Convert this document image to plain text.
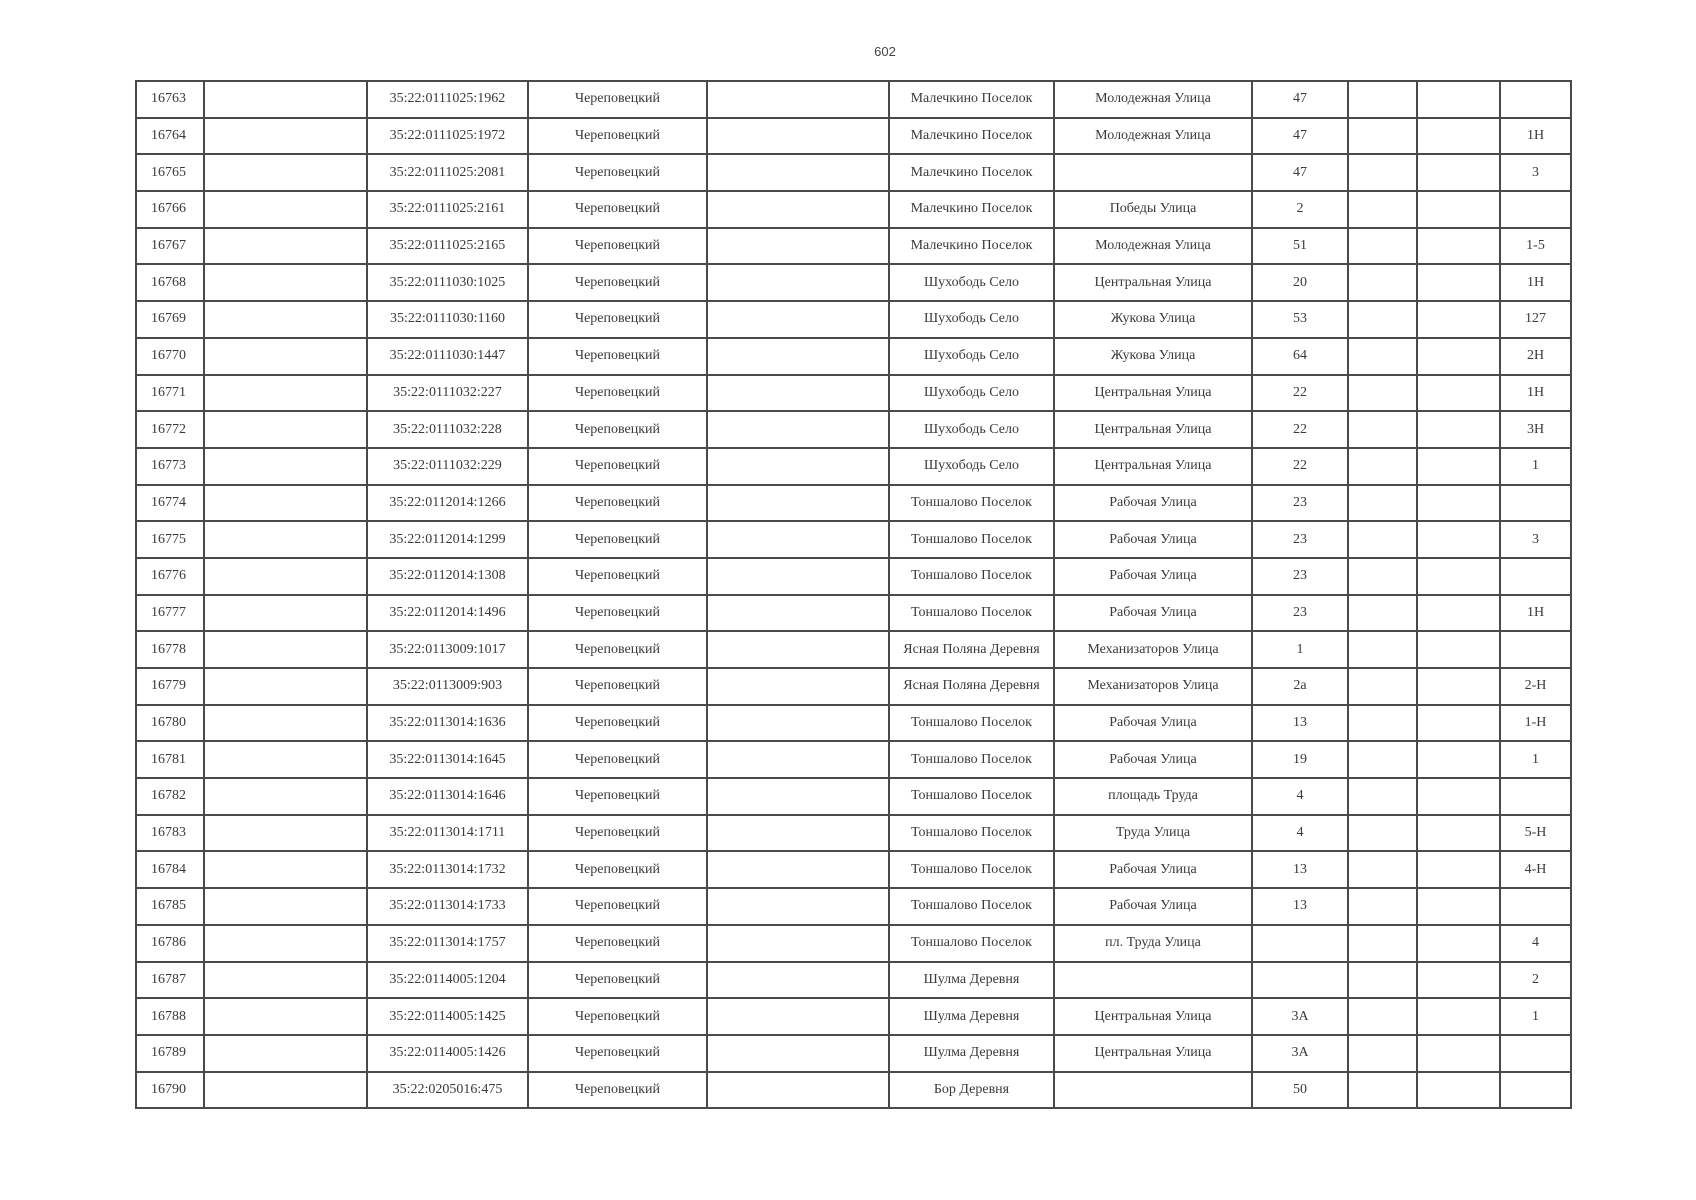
602
16763		35:22:0111025:1962	Череповецкий		Малечкино Поселок	Молодежная Улица	47			
16764		35:22:0111025:1972	Череповецкий		Малечкино Поселок	Молодежная Улица	47			1Н
16765		35:22:0111025:2081	Череповецкий		Малечкино Поселок		47			3
16766		35:22:0111025:2161	Череповецкий		Малечкино Поселок	Победы Улица	2			
16767		35:22:0111025:2165	Череповецкий		Малечкино Поселок	Молодежная Улица	51			1-5
16768		35:22:0111030:1025	Череповецкий		Шухободь Село	Центральная Улица	20			1Н
16769		35:22:0111030:1160	Череповецкий		Шухободь Село	Жукова Улица	53			127
16770		35:22:0111030:1447	Череповецкий		Шухободь Село	Жукова Улица	64			2Н
16771		35:22:0111032:227	Череповецкий		Шухободь Село	Центральная Улица	22			1Н
16772		35:22:0111032:228	Череповецкий		Шухободь Село	Центральная Улица	22			3Н
16773		35:22:0111032:229	Череповецкий		Шухободь Село	Центральная Улица	22			1
16774		35:22:0112014:1266	Череповецкий		Тоншалово Поселок	Рабочая Улица	23			
16775		35:22:0112014:1299	Череповецкий		Тоншалово Поселок	Рабочая Улица	23			3
16776		35:22:0112014:1308	Череповецкий		Тоншалово Поселок	Рабочая Улица	23			
16777		35:22:0112014:1496	Череповецкий		Тоншалово Поселок	Рабочая Улица	23			1Н
16778		35:22:0113009:1017	Череповецкий		Ясная Поляна Деревня	Механизаторов Улица	1			
16779		35:22:0113009:903	Череповецкий		Ясная Поляна Деревня	Механизаторов Улица	2а			2-Н
16780		35:22:0113014:1636	Череповецкий		Тоншалово Поселок	Рабочая Улица	13			1-Н
16781		35:22:0113014:1645	Череповецкий		Тоншалово Поселок	Рабочая Улица	19			1
16782		35:22:0113014:1646	Череповецкий		Тоншалово Поселок	площадь Труда	4			
16783		35:22:0113014:1711	Череповецкий		Тоншалово Поселок	Труда Улица	4			5-Н
16784		35:22:0113014:1732	Череповецкий		Тоншалово Поселок	Рабочая Улица	13			4-Н
16785		35:22:0113014:1733	Череповецкий		Тоншалово Поселок	Рабочая Улица	13			
16786		35:22:0113014:1757	Череповецкий		Тоншалово Поселок	пл. Труда Улица				4
16787		35:22:0114005:1204	Череповецкий		Шулма Деревня					2
16788		35:22:0114005:1425	Череповецкий		Шулма Деревня	Центральная Улица	3А			1
16789		35:22:0114005:1426	Череповецкий		Шулма Деревня	Центральная Улица	3А			
16790		35:22:0205016:475	Череповецкий		Бор Деревня		50			
